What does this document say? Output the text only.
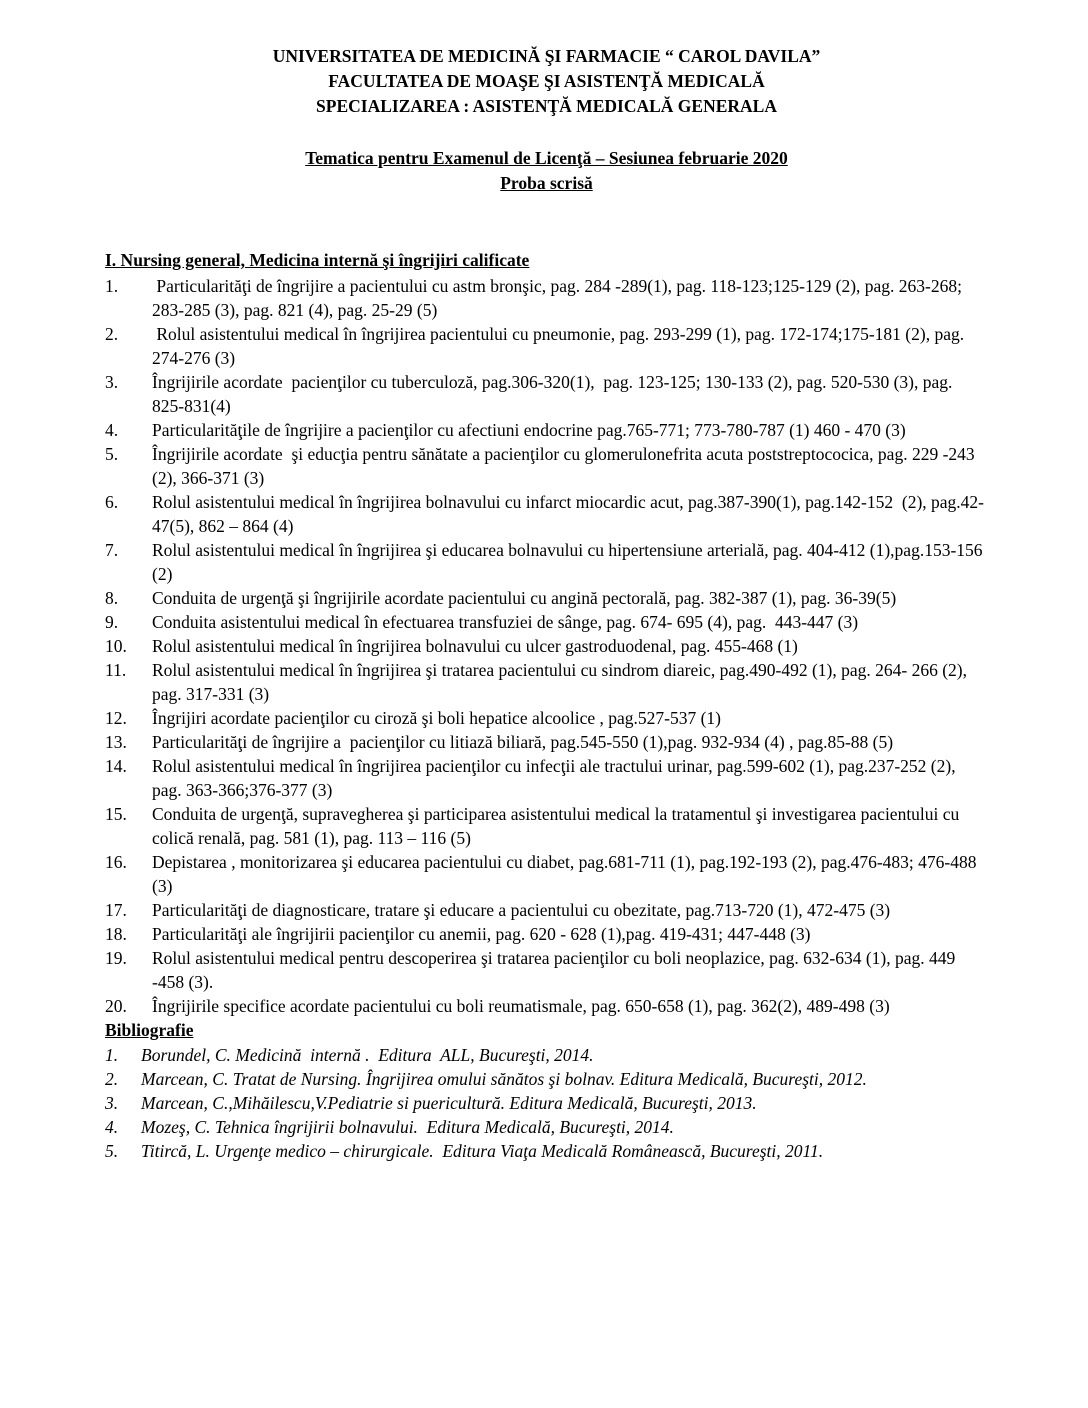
UNIVERSITATEA DE MEDICINĂ ŞI FARMACIE “ CAROL DAVILA”
FACULTATEA DE MOAŞE ŞI ASISTENŢĂ MEDICALĂ
SPECIALIZAREA : ASISTENŢĂ MEDICALĂ GENERALA
Tematica pentru Examenul de Licenţă – Sesiunea februarie 2020
Proba scrisă
I. Nursing general, Medicina internă şi îngrijiri calificate
1.	Particularităţi de îngrijire a pacientului cu astm bronşic, pag. 284 -289(1), pag. 118-123;125-129 (2), pag. 263-268; 283-285 (3), pag. 821 (4), pag. 25-29 (5)
2.	Rolul asistentului medical în îngrijirea pacientului cu pneumonie, pag. 293-299 (1), pag. 172-174;175-181 (2), pag. 274-276 (3)
3.	Îngrijirile acordate  pacienţilor cu tuberculoză, pag.306-320(1),  pag. 123-125; 130-133 (2), pag. 520-530 (3), pag. 825-831(4)
4.	Particularităţile de îngrijire a pacienţilor cu afectiuni endocrine pag.765-771; 773-780-787 (1) 460 - 470 (3)
5.	Îngrijirile acordate  şi educţia pentru sănătate a pacienţilor cu glomerulonefrita acuta poststreptococica, pag. 229 -243 (2), 366-371 (3)
6.	Rolul asistentului medical în îngrijirea bolnavului cu infarct miocardic acut, pag.387-390(1), pag.142-152  (2), pag.42-47(5), 862 – 864 (4)
7.	Rolul asistentului medical în îngrijirea şi educarea bolnavului cu hipertensiune arterială, pag. 404-412 (1),pag.153-156 (2)
8.	Conduita de urgenţă şi îngrijirile acordate pacientului cu angină pectorală, pag. 382-387 (1), pag. 36-39(5)
9.	Conduita asistentului medical în efectuarea transfuziei de sânge, pag. 674- 695 (4), pag.  443-447 (3)
10.	Rolul asistentului medical în îngrijirea bolnavului cu ulcer gastroduodenal, pag. 455-468 (1)
11.	Rolul asistentului medical în îngrijirea şi tratarea pacientului cu sindrom diareic, pag.490-492 (1), pag. 264- 266 (2), pag. 317-331 (3)
12.	Îngrijiri acordate pacienţilor cu ciroză şi boli hepatice alcoolice , pag.527-537 (1)
13.	Particularităţi de îngrijire a  pacienţilor cu litiază biliară, pag.545-550 (1),pag. 932-934 (4) , pag.85-88 (5)
14.	Rolul asistentului medical în îngrijirea pacienţilor cu infecţii ale tractului urinar, pag.599-602 (1), pag.237-252 (2),  pag. 363-366;376-377 (3)
15.	Conduita de urgenţă, supravegherea şi participarea asistentului medical la tratamentul şi investigarea pacientului cu colică renală, pag. 581 (1), pag. 113 – 116 (5)
16.	Depistarea , monitorizarea şi educarea pacientului cu diabet, pag.681-711 (1), pag.192-193 (2), pag.476-483; 476-488 (3)
17.	Particularităţi de diagnosticare, tratare şi educare a pacientului cu obezitate, pag.713-720 (1), 472-475 (3)
18.	Particularităţi ale îngrijirii pacienţilor cu anemii, pag. 620 - 628 (1),pag. 419-431; 447-448 (3)
19.	Rolul asistentului medical pentru descoperirea şi tratarea pacienţilor cu boli neoplazice, pag. 632-634 (1), pag. 449 -458 (3).
20.	Îngrijirile specifice acordate pacientului cu boli reumatismale, pag. 650-658 (1), pag. 362(2), 489-498 (3)
Bibliografie
1.	Borundel, C. Medicină  internă .  Editura  ALL, Bucureşti, 2014.
2.	Marcean, C. Tratat de Nursing. Îngrijirea omului sănătos şi bolnav. Editura Medicală, Bucureşti, 2012.
3.	Marcean, C.,Mihăilescu,V.Pediatrie si puericultură. Editura Medicală, Bucureşti, 2013.
4.	Mozeş, C. Tehnica îngrijirii bolnavului.  Editura Medicală, Bucureşti, 2014.
5.	Titircă, L. Urgenţe medico – chirurgicale.  Editura Viaţa Medicală Românească, Bucureşti, 2011.
